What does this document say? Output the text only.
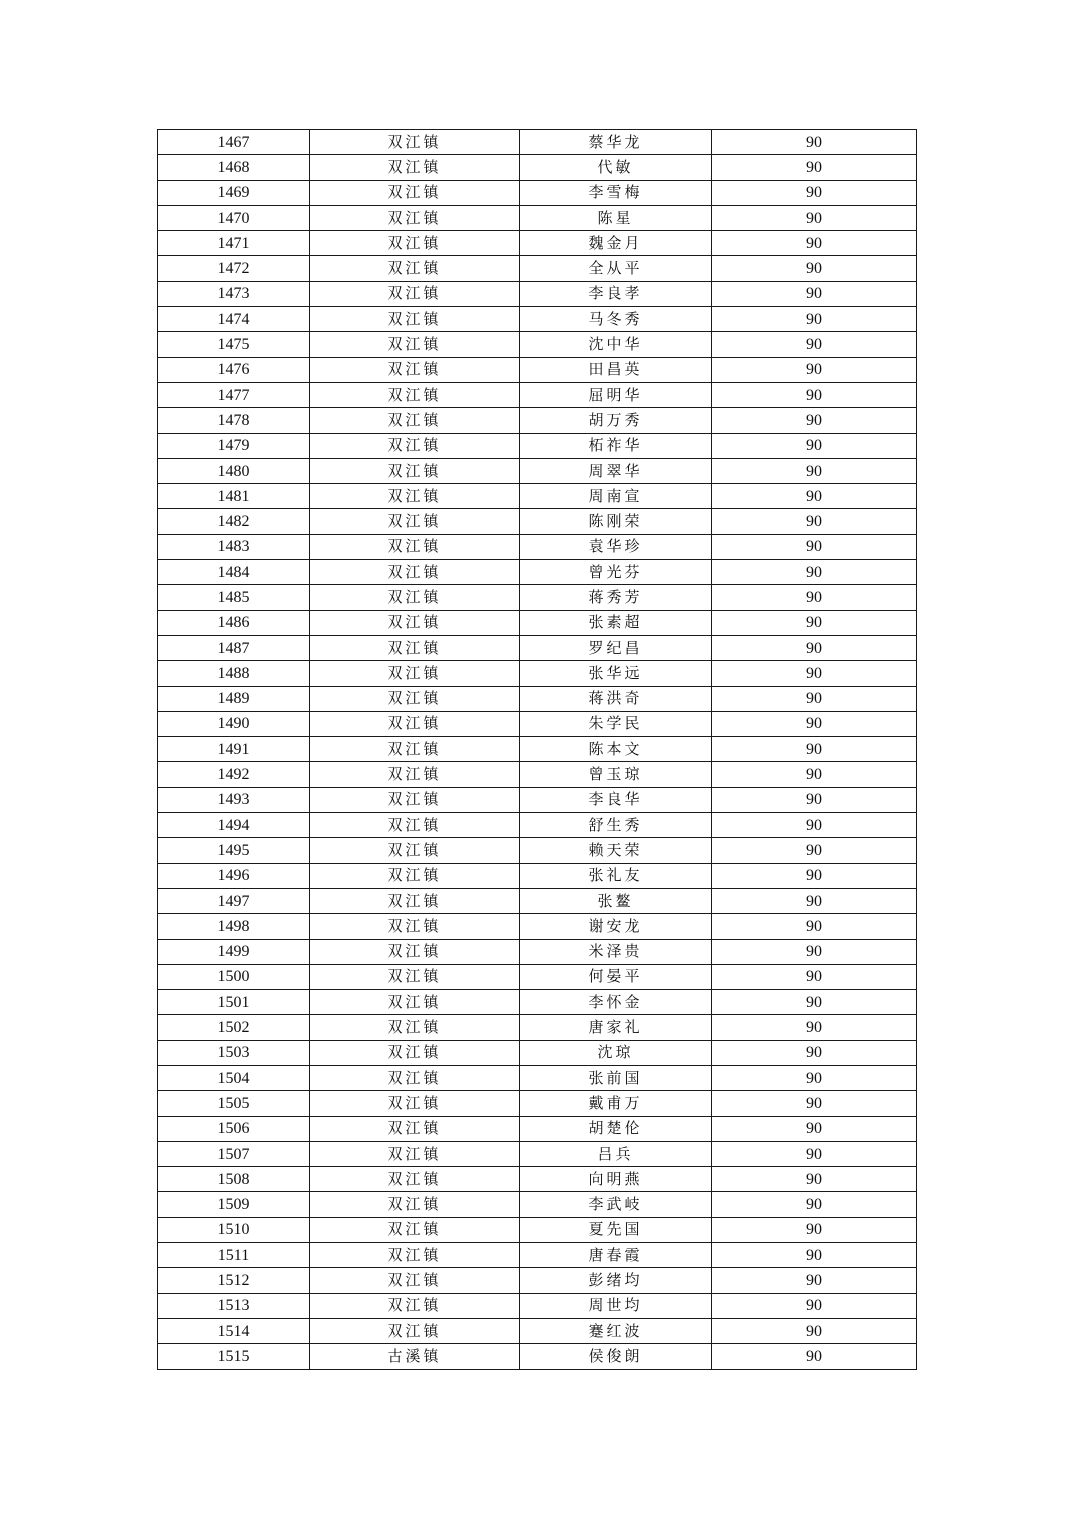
1467	双江镇	蔡华龙	90
1468	双江镇	代敏	90
1469	双江镇	李雪梅	90
1470	双江镇	陈星	90
1471	双江镇	魏金月	90
1472	双江镇	全从平	90
1473	双江镇	李良孝	90
1474	双江镇	马冬秀	90
1475	双江镇	沈中华	90
1476	双江镇	田昌英	90
1477	双江镇	屈明华	90
1478	双江镇	胡万秀	90
1479	双江镇	柘祚华	90
1480	双江镇	周翠华	90
1481	双江镇	周南宣	90
1482	双江镇	陈刚荣	90
1483	双江镇	袁华珍	90
1484	双江镇	曾光芬	90
1485	双江镇	蒋秀芳	90
1486	双江镇	张素超	90
1487	双江镇	罗纪昌	90
1488	双江镇	张华远	90
1489	双江镇	蒋洪奇	90
1490	双江镇	朱学民	90
1491	双江镇	陈本文	90
1492	双江镇	曾玉琼	90
1493	双江镇	李良华	90
1494	双江镇	舒生秀	90
1495	双江镇	赖天荣	90
1496	双江镇	张礼友	90
1497	双江镇	张鳌	90
1498	双江镇	谢安龙	90
1499	双江镇	米泽贵	90
1500	双江镇	何晏平	90
1501	双江镇	李怀金	90
1502	双江镇	唐家礼	90
1503	双江镇	沈琼	90
1504	双江镇	张前国	90
1505	双江镇	戴甫万	90
1506	双江镇	胡楚伦	90
1507	双江镇	吕兵	90
1508	双江镇	向明燕	90
1509	双江镇	李武岐	90
1510	双江镇	夏先国	90
1511	双江镇	唐春霞	90
1512	双江镇	彭绪均	90
1513	双江镇	周世均	90
1514	双江镇	蹇红波	90
1515	古溪镇	侯俊朗	90
